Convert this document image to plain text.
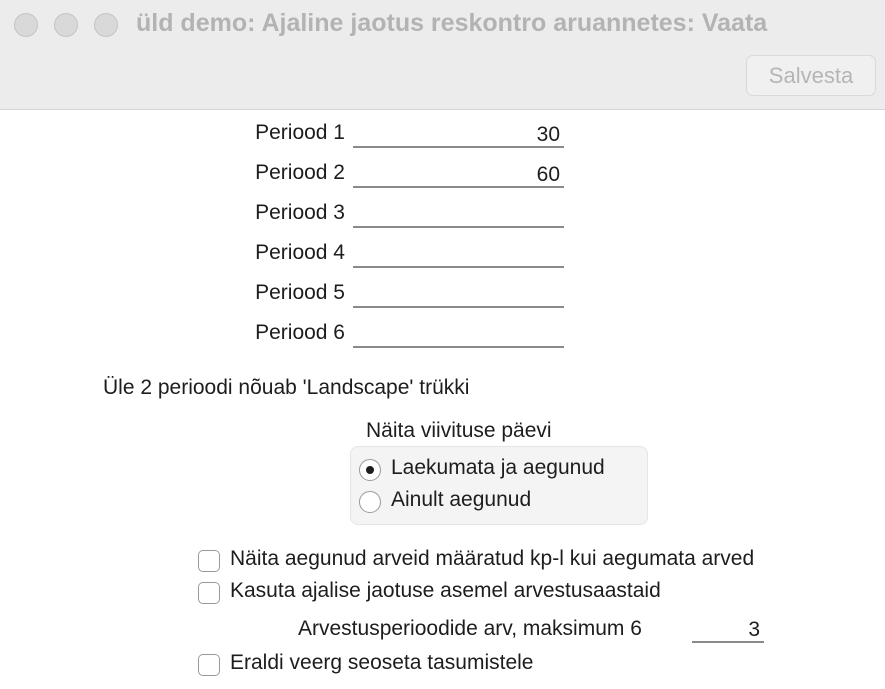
üld demo: Ajaline jaotus reskontro aruannetes: Vaata
Salvesta
Periood 1	30
Periood 2	60
Periood 3
Periood 4
Periood 5
Periood 6
Üle 2 perioodi nõuab 'Landscape' trükki
Näita viivituse päevi
Laekumata ja aegunud
Ainult aegunud
Näita aegunud arveid määratud kp-l kui aegumata arved
Kasuta ajalise jaotuse asemel arvestusaastaid
Arvestusperioodide arv, maksimum 6	3
Eraldi veerg seoseta tasumistele
